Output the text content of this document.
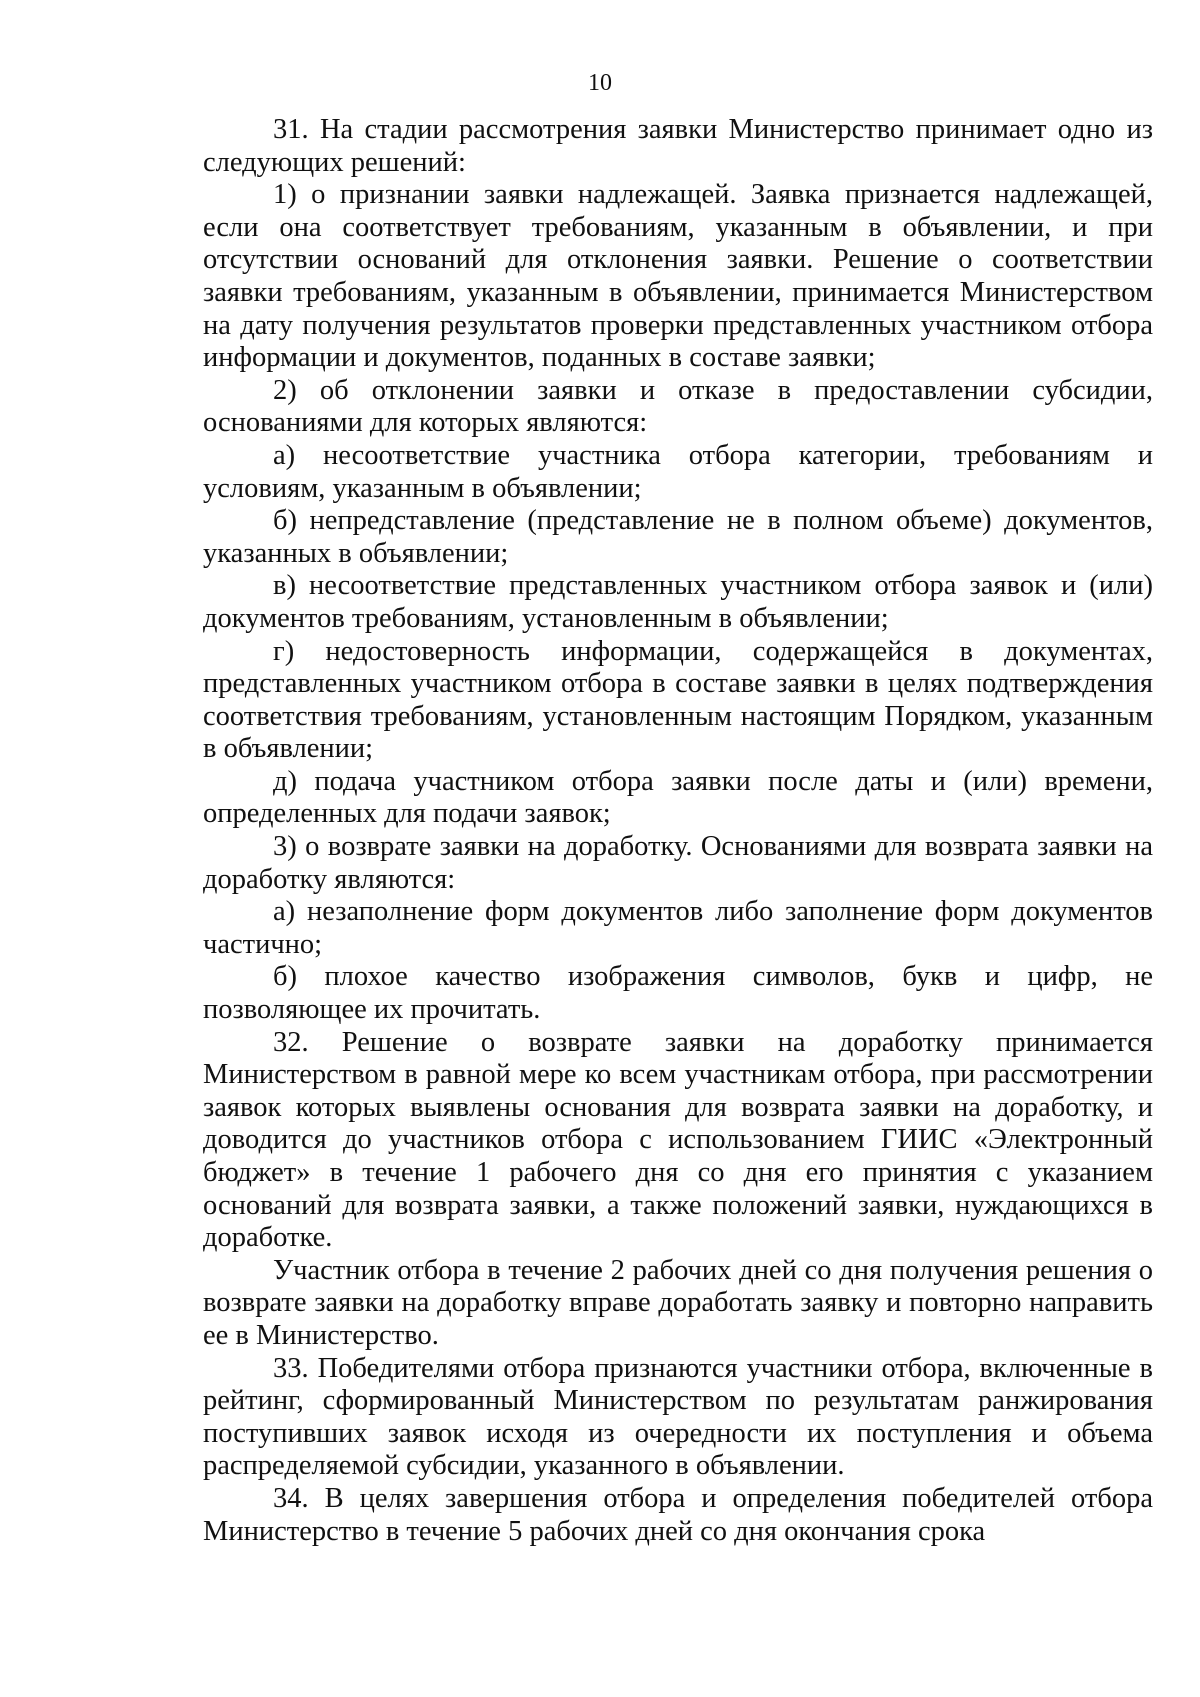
10

31. На стадии рассмотрения заявки Министерство принимает одно из следующих решений:

1) о признании заявки надлежащей. Заявка признается надлежащей, если она соответствует требованиям, указанным в объявлении, и при отсутствии оснований для отклонения заявки. Решение о соответствии заявки требованиям, указанным в объявлении, принимается Министерством на дату получения результатов проверки представленных участником отбора информации и документов, поданных в составе заявки;

2) об отклонении заявки и отказе в предоставлении субсидии, основаниями для которых являются:

а) несоответствие участника отбора категории, требованиям и условиям, указанным в объявлении;

б) непредставление (представление не в полном объеме) документов, указанных в объявлении;

в) несоответствие представленных участником отбора заявок и (или) документов требованиям, установленным в объявлении;

г) недостоверность информации, содержащейся в документах, представленных участником отбора в составе заявки в целях подтверждения соответствия требованиям, установленным настоящим Порядком, указанным в объявлении;

д) подача участником отбора заявки после даты и (или) времени, определенных для подачи заявок;

3) о возврате заявки на доработку. Основаниями для возврата заявки на доработку являются:

а) незаполнение форм документов либо заполнение форм документов частично;

б) плохое качество изображения символов, букв и цифр, не позволяющее их прочитать.

32. Решение о возврате заявки на доработку принимается Министерством в равной мере ко всем участникам отбора, при рассмотрении заявок которых выявлены основания для возврата заявки на доработку, и доводится до участников отбора с использованием ГИИС «Электронный бюджет» в течение 1 рабочего дня со дня его принятия с указанием оснований для возврата заявки, а также положений заявки, нуждающихся в доработке.

Участник отбора в течение 2 рабочих дней со дня получения решения о возврате заявки на доработку вправе доработать заявку и повторно направить ее в Министерство.

33. Победителями отбора признаются участники отбора, включенные в рейтинг, сформированный Министерством по результатам ранжирования поступивших заявок исходя из очередности их поступления и объема распределяемой субсидии, указанного в объявлении.

34. В целях завершения отбора и определения победителей отбора Министерство в течение 5 рабочих дней со дня окончания срока
